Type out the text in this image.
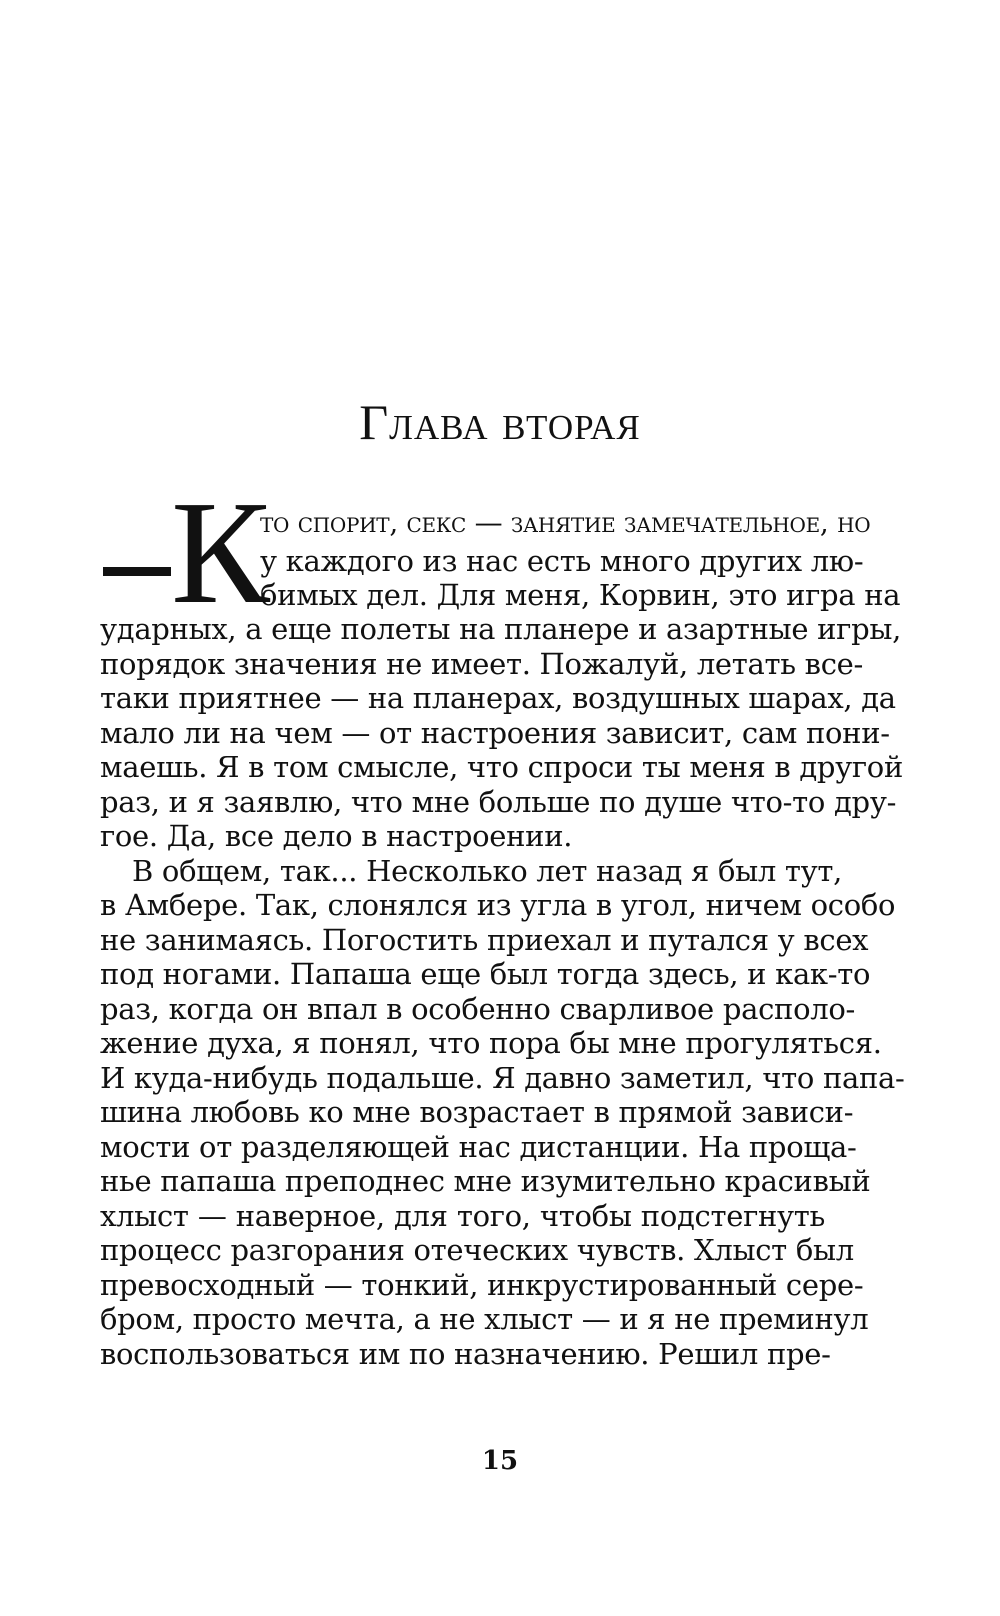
Глава вторая
К
то спорит, секс — занятие замечательное, но
у каждого из нас есть много других лю-
бимых дел. Для меня, Корвин, это игра на
ударных, а еще полеты на планере и азартные игры,
порядок значения не имеет. Пожалуй, летать все-
таки приятнее — на планерах, воздушных шарах, да
мало ли на чем — от настроения зависит, сам пони-
маешь. Я в том смысле, что спроси ты меня в другой
раз, и я заявлю, что мне больше по душе что-то дру-
гое. Да, все дело в настроении.
В общем, так... Несколько лет назад я был тут,
в Амбере. Так, слонялся из угла в угол, ничем особо
не занимаясь. Погостить приехал и путался у всех
под ногами. Папаша еще был тогда здесь, и как-то
раз, когда он впал в особенно сварливое располо-
жение духа, я понял, что пора бы мне прогуляться.
И куда-нибудь подальше. Я давно заметил, что папа-
шина любовь ко мне возрастает в прямой зависи-
мости от разделяющей нас дистанции. На проща-
нье папаша преподнес мне изумительно красивый
хлыст — наверное, для того, чтобы подстегнуть
процесс разгорания отеческих чувств. Хлыст был
превосходный — тонкий, инкрустированный сере-
бром, просто мечта, а не хлыст — и я не преминул
воспользоваться им по назначению. Решил пре-
15
